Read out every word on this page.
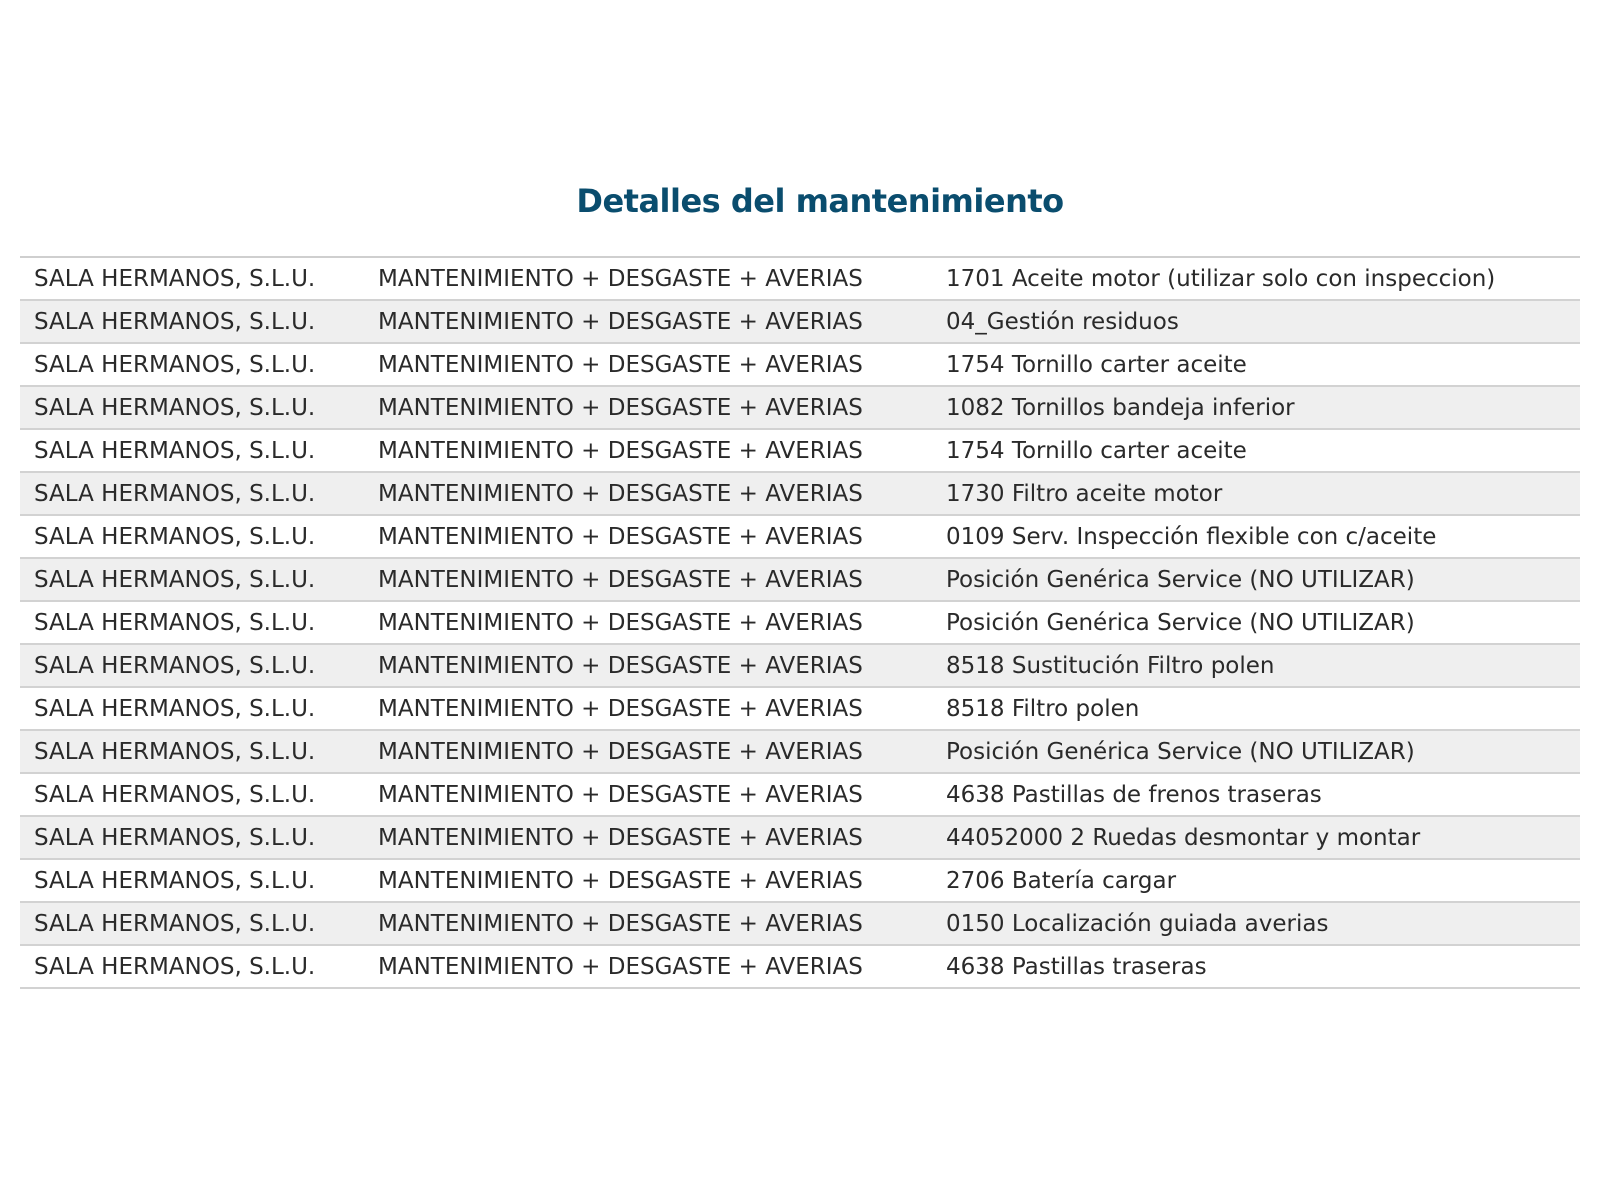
Detalles del mantenimiento
SALA HERMANOS, S.L.U.	MANTENIMIENTO + DESGASTE + AVERIAS	1701 Aceite motor (utilizar solo con inspeccion)
SALA HERMANOS, S.L.U.	MANTENIMIENTO + DESGASTE + AVERIAS	04_Gestión residuos
SALA HERMANOS, S.L.U.	MANTENIMIENTO + DESGASTE + AVERIAS	1754 Tornillo carter aceite
SALA HERMANOS, S.L.U.	MANTENIMIENTO + DESGASTE + AVERIAS	1082 Tornillos bandeja inferior
SALA HERMANOS, S.L.U.	MANTENIMIENTO + DESGASTE + AVERIAS	1754 Tornillo carter aceite
SALA HERMANOS, S.L.U.	MANTENIMIENTO + DESGASTE + AVERIAS	1730 Filtro aceite motor
SALA HERMANOS, S.L.U.	MANTENIMIENTO + DESGASTE + AVERIAS	0109 Serv. Inspección flexible con c/aceite
SALA HERMANOS, S.L.U.	MANTENIMIENTO + DESGASTE + AVERIAS	Posición Genérica Service (NO UTILIZAR)
SALA HERMANOS, S.L.U.	MANTENIMIENTO + DESGASTE + AVERIAS	Posición Genérica Service (NO UTILIZAR)
SALA HERMANOS, S.L.U.	MANTENIMIENTO + DESGASTE + AVERIAS	8518 Sustitución Filtro polen
SALA HERMANOS, S.L.U.	MANTENIMIENTO + DESGASTE + AVERIAS	8518 Filtro polen
SALA HERMANOS, S.L.U.	MANTENIMIENTO + DESGASTE + AVERIAS	Posición Genérica Service (NO UTILIZAR)
SALA HERMANOS, S.L.U.	MANTENIMIENTO + DESGASTE + AVERIAS	4638 Pastillas de frenos traseras
SALA HERMANOS, S.L.U.	MANTENIMIENTO + DESGASTE + AVERIAS	44052000 2 Ruedas desmontar y montar
SALA HERMANOS, S.L.U.	MANTENIMIENTO + DESGASTE + AVERIAS	2706 Batería cargar
SALA HERMANOS, S.L.U.	MANTENIMIENTO + DESGASTE + AVERIAS	0150 Localización guiada averias
SALA HERMANOS, S.L.U.	MANTENIMIENTO + DESGASTE + AVERIAS	4638 Pastillas traseras
